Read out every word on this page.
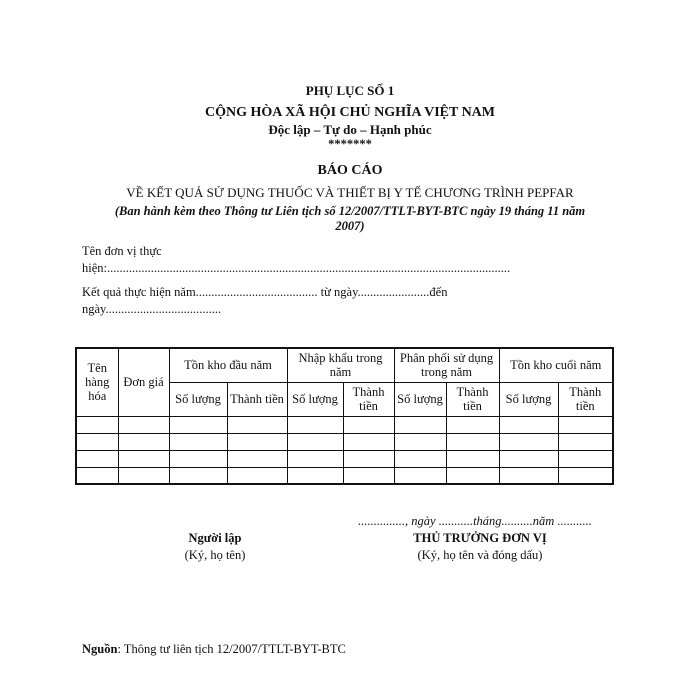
PHỤ LỤC SỐ 1
CỘNG HÒA XÃ HỘI CHỦ NGHĨA VIỆT NAM
Độc lập – Tự do – Hạnh phúc
*******
BÁO CÁO
VỀ KẾT QUẢ SỬ DỤNG THUỐC VÀ THIẾT BỊ Y TẾ CHƯƠNG TRÌNH PEPFAR
(Ban hành kèm theo Thông tư Liên tịch số 12/2007/TTLT-BYT-BTC ngày 19 tháng 11 năm
2007)
Tên đơn vị thực
hiện:.................................................................................................................................
Kết quả thực hiện năm....................................... từ ngày.......................đến
ngày.....................................
Tên hàng hóa	Đơn giá	Tồn kho đầu năm		Nhập khẩu trong năm		Phân phối sử dụng trong năm		Tồn kho cuối năm	
		Số lượng	Thành tiền	Số lượng	Thành tiền	Số lượng	Thành tiền	Số lượng	Thành tiền

..............., ngày ...........tháng..........năm ...........
Người lập
(Ký, họ tên)
THỦ TRƯỞNG ĐƠN VỊ
(Ký, họ tên và đóng dấu)
Nguồn: Thông tư liên tịch 12/2007/TTLT-BYT-BTC
